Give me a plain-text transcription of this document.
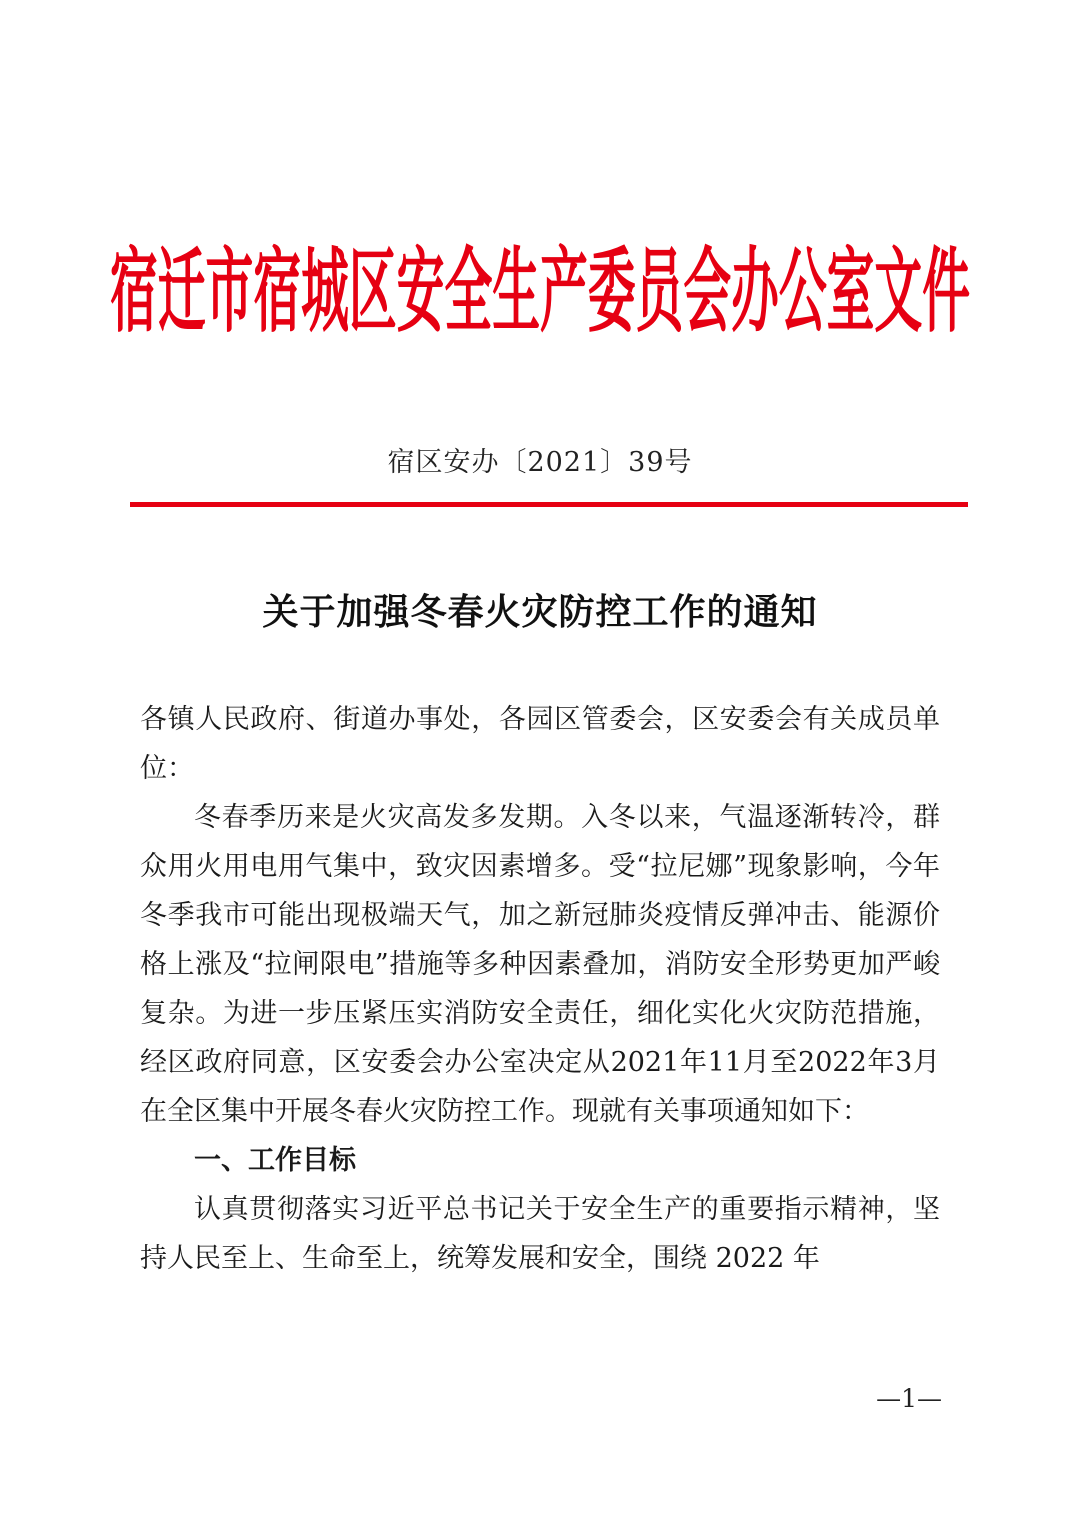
宿迁市宿城区安全生产委员会办公室文件
宿区安办〔2021〕39号
关于加强冬春火灾防控工作的通知

各镇人民政府、街道办事处，各园区管委会，区安委会有关成员单位：

冬春季历来是火灾高发多发期。入冬以来，气温逐渐转冷，群众用火用电用气集中，致灾因素增多。受“拉尼娜”现象影响，今年冬季我市可能出现极端天气，加之新冠肺炎疫情反弹冲击、能源价格上涨及“拉闸限电”措施等多种因素叠加，消防安全形势更加严峻复杂。为进一步压紧压实消防安全责任，细化实化火灾防范措施，经区政府同意，区安委会办公室决定从2021年11月至2022年3月在全区集中开展冬春火灾防控工作。现就有关事项通知如下：

一、工作目标

认真贯彻落实习近平总书记关于安全生产的重要指示精神，坚持人民至上、生命至上，统筹发展和安全，围绕 2022 年

—1—
